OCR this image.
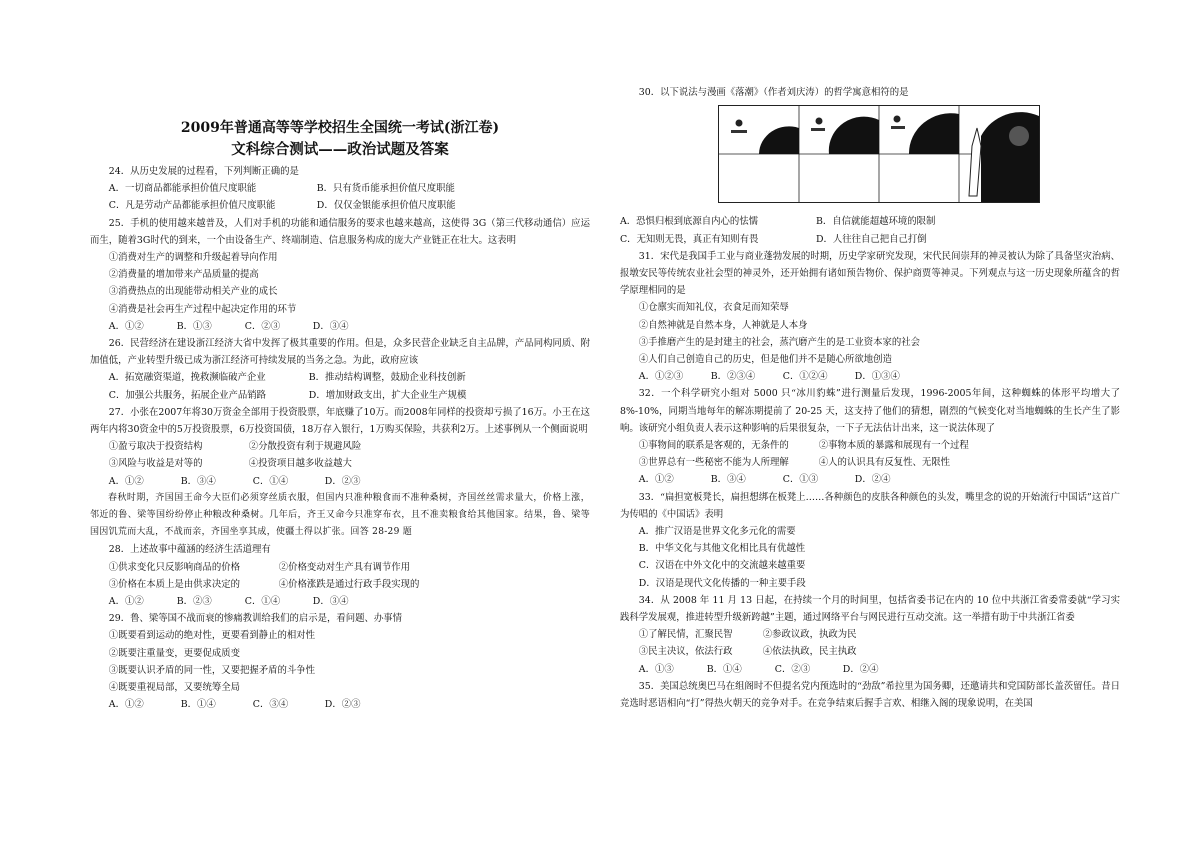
2009年普通高等等学校招生全国统一考试(浙江卷)

文科综合测试——政治试题及答案

24．从历史发展的过程看，下列判断正确的是

A．一切商品都能承担价值尺度职能	B．只有货币能承担价值尺度职能

C．凡是劳动产品都能承担价值尺度职能	D．仅仅金银能承担价值尺度职能

25．手机的使用越来越普及，人们对手机的功能和通信服务的要求也越来越高，这使得 3G（第三代移动通信）应运而生，随着3G时代的到来，一个由设备生产、终端制造、信息服务构成的庞大产业链正在壮大。这表明

①消费对生产的调整和升级起着导向作用

②消费量的增加带来产品质量的提高

③消费热点的出现能带动相关产业的成长

④消费是社会再生产过程中起决定作用的环节

A．①②	B．①③	C．②③	D．③④

26．民营经济在建设浙江经济大省中发挥了极其重要的作用。但是，众多民营企业缺乏自主品牌，产品同构同质、附加值低，产业转型升级已成为浙江经济可持续发展的当务之急。为此，政府应该

A．拓宽融资渠道，挽救濒临破产企业	B．推动结构调整，鼓励企业科技创新

C．加强公共服务，拓展企业产品销路	D．增加财政支出，扩大企业生产规模

27．小张在2007年将30万资金全部用于投资股票，年底赚了10万。而2008年同样的投资却亏损了16万。小王在这两年内将30资金中的5万投资股票，6万投资国债，18万存入银行，1万购买保险，共获利2万。上述事例从一个侧面说明

①盈亏取决于投资结构	②分散投资有利于规避风险

③风险与收益是对等的	④投资项目越多收益越大

A．①②	B．③④	C．①④	D．②③

春秋时期，齐国国王命今大臣们必须穿丝质衣服，但国内只准种粮食而不准种桑树，齐国丝丝需求量大，价格上涨，邻近的鲁、梁等国纷纷停止种粮改种桑树。几年后，齐王又命今只准穿布衣，且不准卖粮食给其他国家。结果，鲁、梁等国因饥荒而大乱，不战而亲，齐国坐享其成，使疆土得以扩张。回答 28-29 题

28．上述故事中蕴涵的经济生活道理有

①供求变化只反影响商品的价格	②价格变动对生产具有调节作用

③价格在本质上是由供求决定的	④价格涨跌是通过行政手段实现的

A．①②	B．②③	C．①④	D．③④

29．鲁、梁等国不战而衰的惨痛教训给我们的启示是，看问题、办事情

①既要看到运动的绝对性，更要看到静止的相对性

②既要注重量变，更要促成质变

③既要认识矛盾的同一性，又要把握矛盾的斗争性

④既要重视局部，又要统筹全局

A．①②	B．①④	C．③④	D．②③

30．以下说法与漫画《落潮》（作者刘庆涛）的哲学寓意相符的是

A．恐惧归根到底源自内心的怯懦	B．自信就能超越环境的限制

C．无知则无畏，真正有知则有畏	D．人往往自己把自己打倒

31．宋代是我国手工业与商业蓬勃发展的时期，历史学家研究发现，宋代民间崇拜的神灵被认为除了具备坚灾治病、报墩安民等传统农业社会型的神灵外，还开始拥有诸如预告物价、保护商贾等神灵。下列观点与这一历史现象所蕴含的哲学原理相同的是

①仓廪实而知礼仪，衣食足而知荣辱

②自然神就是自然本身，人神就是人本身

③手推磨产生的是封建主的社会，蒸汽磨产生的是工业资本家的社会

④人们自己创造自己的历史，但是他们并不是随心所欲地创造

A．①②③	B．②③④	C．①②④	D．①③④

32．一个科学研究小组对 5000 只“冰川豹蛛”进行测量后发现，1996-2005年间，这种蜘蛛的体形平均增大了 8%-10%，同期当地每年的解冻期提前了 20-25 天，这支持了他们的猜想，剧烈的气候变化对当地蜘蛛的生长产生了影响。该研究小组负责人表示这种影响的后果很复杂，一下子无法估计出来，这一说法体现了

①事物间的联系是客观的，无条件的	②事物本质的暴露和展现有一个过程

③世界总有一些秘密不能为人所理解	④人的认识具有反复性、无限性

A．①②	B．③④	C．①③	D．②④

33．“扁担宽板凳长，扁担想绑在板凳上……各种颜色的皮肤各种颜色的头发，嘴里念的说的开始流行中国话”这首广为传唱的《中国话》表明

A．推广汉语是世界文化多元化的需要

B．中华文化与其他文化相比具有优越性

C．汉语在中外文化中的交流越来越重要

D．汉语是现代文化传播的一种主要手段

34．从 2008 年 11 月 13 日起，在持续一个月的时间里，包括省委书记在内的 10 位中共浙江省委常委就“学习实践科学发展观，推进转型升级新跨越”主题，通过网络平台与网民进行互动交流。这一举措有助于中共浙江省委

①了解民情，汇聚民智	②参政议政，执政为民

③民主决议，依法行政	④依法执政，民主执政

A．①③	B．①④	C．②③	D．②④

35．美国总统奥巴马在组阁时不但提名党内预选时的“劲敌”希拉里为国务卿，还邀请共和党国防部长盖茨留任。昔日竞选时恶语相向“打”得热火朝天的竞争对手。在竞争结束后握手言欢、相继入阁的现象说明，在美国
